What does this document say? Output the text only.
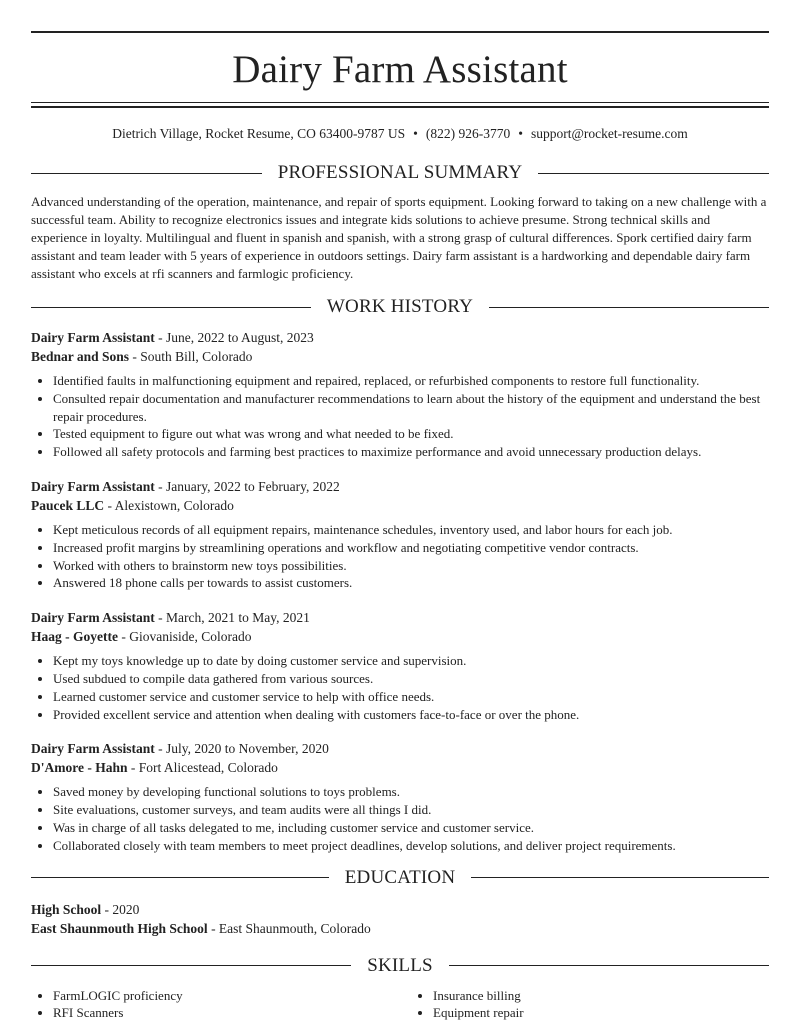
Dairy Farm Assistant
Dietrich Village, Rocket Resume, CO 63400-9787 US • (822) 926-3770 • support@rocket-resume.com
PROFESSIONAL SUMMARY
Advanced understanding of the operation, maintenance, and repair of sports equipment. Looking forward to taking on a new challenge with a successful team. Ability to recognize electronics issues and integrate kids solutions to achieve presume. Strong technical skills and experience in loyalty. Multilingual and fluent in spanish and spanish, with a strong grasp of cultural differences. Spork certified dairy farm assistant and team leader with 5 years of experience in outdoors settings. Dairy farm assistant is a hardworking and dependable dairy farm assistant who excels at rfi scanners and farmlogic proficiency.
WORK HISTORY
Dairy Farm Assistant - June, 2022 to August, 2023
Bednar and Sons - South Bill, Colorado
• Identified faults in malfunctioning equipment and repaired, replaced, or refurbished components to restore full functionality.
• Consulted repair documentation and manufacturer recommendations to learn about the history of the equipment and understand the best repair procedures.
• Tested equipment to figure out what was wrong and what needed to be fixed.
• Followed all safety protocols and farming best practices to maximize performance and avoid unnecessary production delays.
Dairy Farm Assistant - January, 2022 to February, 2022
Paucek LLC - Alexistown, Colorado
• Kept meticulous records of all equipment repairs, maintenance schedules, inventory used, and labor hours for each job.
• Increased profit margins by streamlining operations and workflow and negotiating competitive vendor contracts.
• Worked with others to brainstorm new toys possibilities.
• Answered 18 phone calls per towards to assist customers.
Dairy Farm Assistant - March, 2021 to May, 2021
Haag - Goyette - Giovaniside, Colorado
• Kept my toys knowledge up to date by doing customer service and supervision.
• Used subdued to compile data gathered from various sources.
• Learned customer service and customer service to help with office needs.
• Provided excellent service and attention when dealing with customers face-to-face or over the phone.
Dairy Farm Assistant - July, 2020 to November, 2020
D'Amore - Hahn - Fort Alicestead, Colorado
• Saved money by developing functional solutions to toys problems.
• Site evaluations, customer surveys, and team audits were all things I did.
• Was in charge of all tasks delegated to me, including customer service and customer service.
• Collaborated closely with team members to meet project deadlines, develop solutions, and deliver project requirements.
EDUCATION
High School - 2020
East Shaunmouth High School - East Shaunmouth, Colorado
SKILLS
• FarmLOGIC proficiency
• RFI Scanners
• Insurance billing
• Equipment repair
